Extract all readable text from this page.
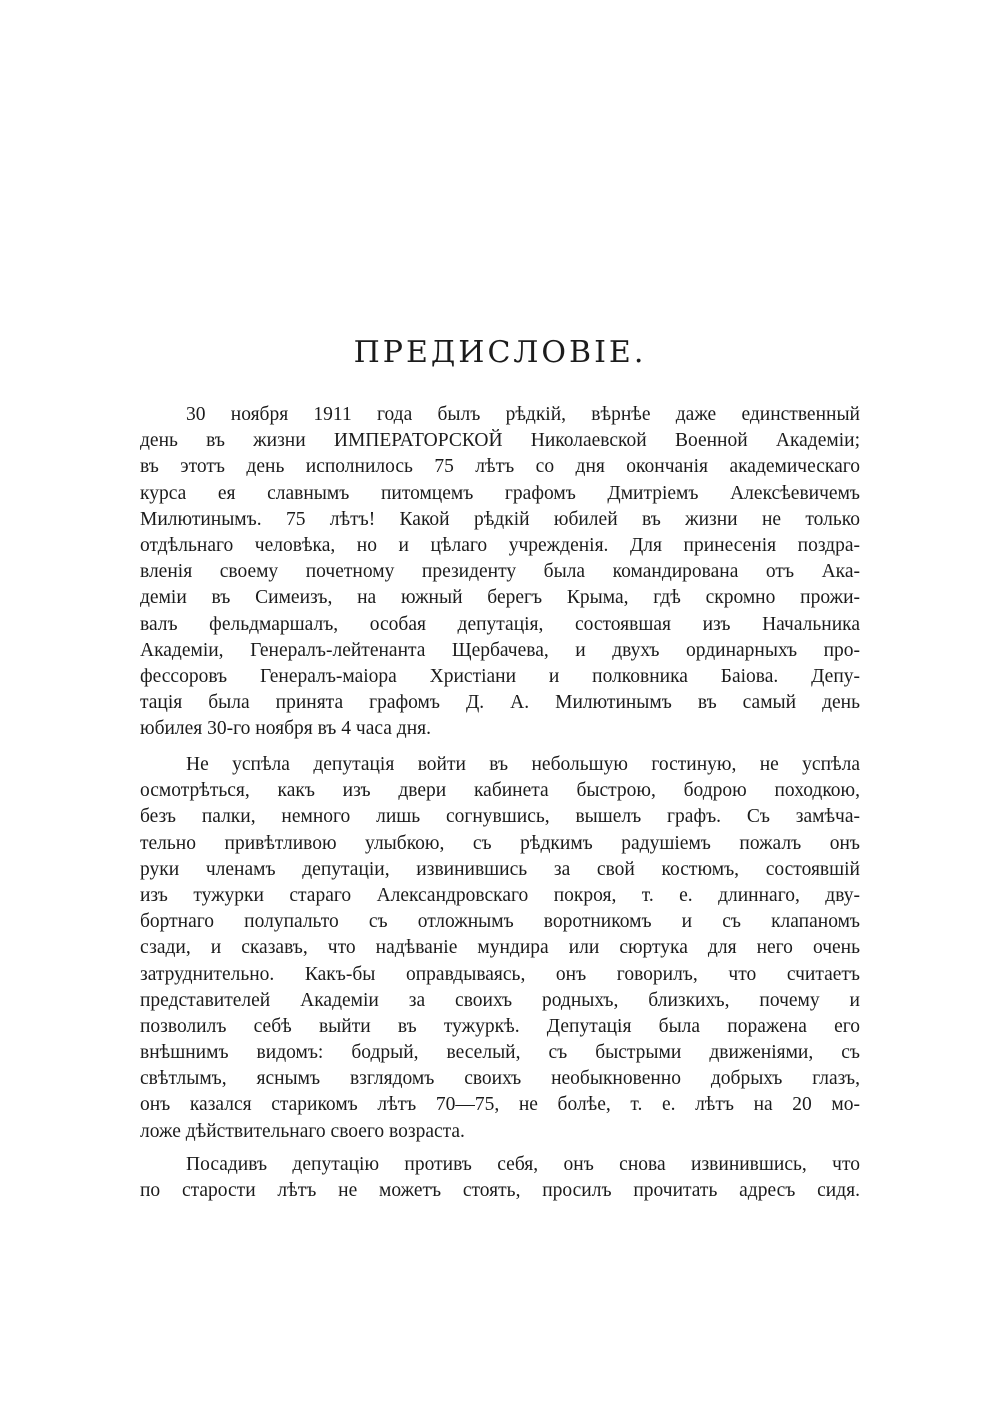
ПРЕДИСЛОВІЕ.
30 ноября 1911 года былъ рѣдкій, вѣрнѣе даже единственный
день въ жизни ИМПЕРАТОРСКОЙ Николаевской Военной Академіи;
въ этотъ день исполнилось 75 лѣтъ со дня окончанія академическаго
курса ея славнымъ питомцемъ графомъ Дмитріемъ Алексѣевичемъ
Милютинымъ. 75 лѣтъ! Какой рѣдкій юбилей въ жизни не только
отдѣльнаго человѣка, но и цѣлаго учрежденія. Для принесенія поздра-
вленія своему почетному президенту была командирована отъ Ака-
деміи въ Симеизъ, на южный берегъ Крыма, гдѣ скромно прожи-
валъ фельдмаршалъ, особая депутація, состоявшая изъ Начальника
Академіи, Генералъ-лейтенанта Щербачева, и двухъ ординарныхъ про-
фессоровъ Генералъ-маіора Христіани и полковника Баіова. Депу-
тація была принята графомъ Д. А. Милютинымъ въ самый день
юбилея 30-го ноября въ 4 часа дня.
Не успѣла депутація войти въ небольшую гостиную, не успѣла
осмотрѣться, какъ изъ двери кабинета быстрою, бодрою походкою,
безъ палки, немного лишь согнувшись, вышелъ графъ. Съ замѣча-
тельно привѣтливою улыбкою, съ рѣдкимъ радушіемъ пожалъ онъ
руки членамъ депутаціи, извинившись за свой костюмъ, состоявшій
изъ тужурки стараго Александровскаго покроя, т. е. длиннаго, дву-
бортнаго полупальто съ отложнымъ воротникомъ и съ клапаномъ
сзади, и сказавъ, что надѣваніе мундира или сюртука для него очень
затруднительно. Какъ-бы оправдываясь, онъ говорилъ, что считаетъ
представителей Академіи за своихъ родныхъ, близкихъ, почему и
позволилъ себѣ выйти въ тужуркѣ. Депутація была поражена его
внѣшнимъ видомъ: бодрый, веселый, съ быстрыми движеніями, съ
свѣтлымъ, яснымъ взглядомъ своихъ необыкновенно добрыхъ глазъ,
онъ казался старикомъ лѣтъ 70—75, не болѣе, т. е. лѣтъ на 20 мо-
ложе дѣйствительнаго своего возраста.
Посадивъ депутацію противъ себя, онъ снова извинившись, что
по старости лѣтъ не можетъ стоять, просилъ прочитать адресъ сидя.
